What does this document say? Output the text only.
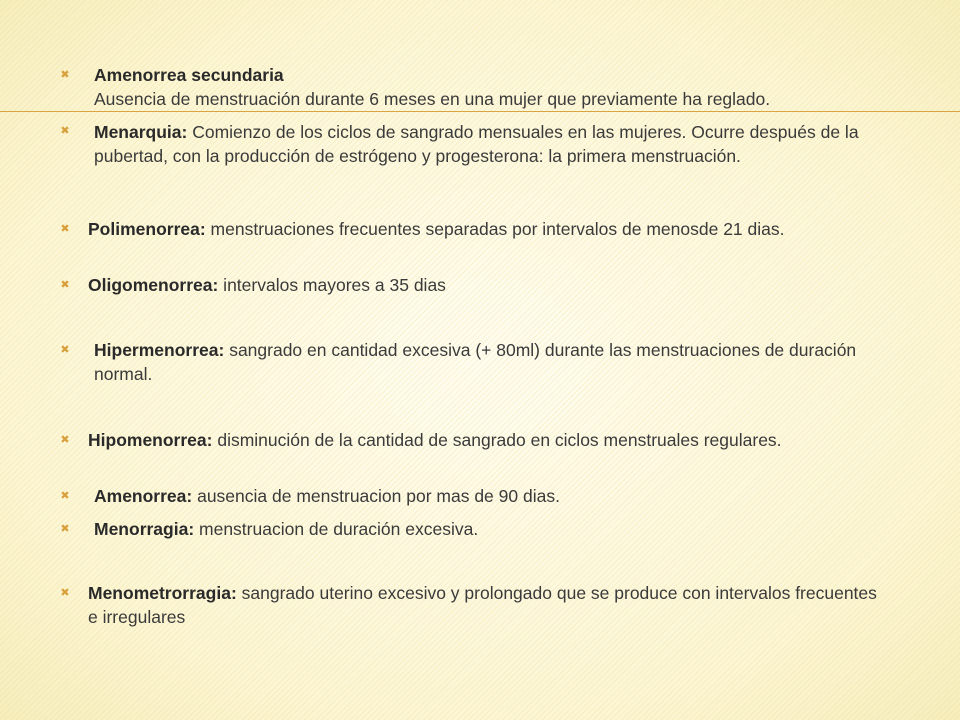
✖ Amenorrea secundaria
Ausencia de menstruación durante 6 meses en una mujer que previamente ha reglado.
✖ Menarquia: Comienzo de los ciclos de sangrado mensuales en las mujeres. Ocurre después de la pubertad, con la producción de estrógeno y progesterona: la primera menstruación.
✖ Polimenorrea: menstruaciones frecuentes separadas por intervalos de menosde 21 dias.
✖ Oligomenorrea: intervalos mayores a 35 dias
✖ Hipermenorrea: sangrado en cantidad excesiva (+ 80ml) durante las menstruaciones de duración normal.
✖ Hipomenorrea: disminución de la cantidad de sangrado en ciclos menstruales regulares.
✖ Amenorrea: ausencia de menstruacion por mas de 90 dias.
✖ Menorragia: menstruacion de duración excesiva.
✖ Menometrorragia: sangrado uterino excesivo y prolongado que se produce con intervalos frecuentes e irregulares
